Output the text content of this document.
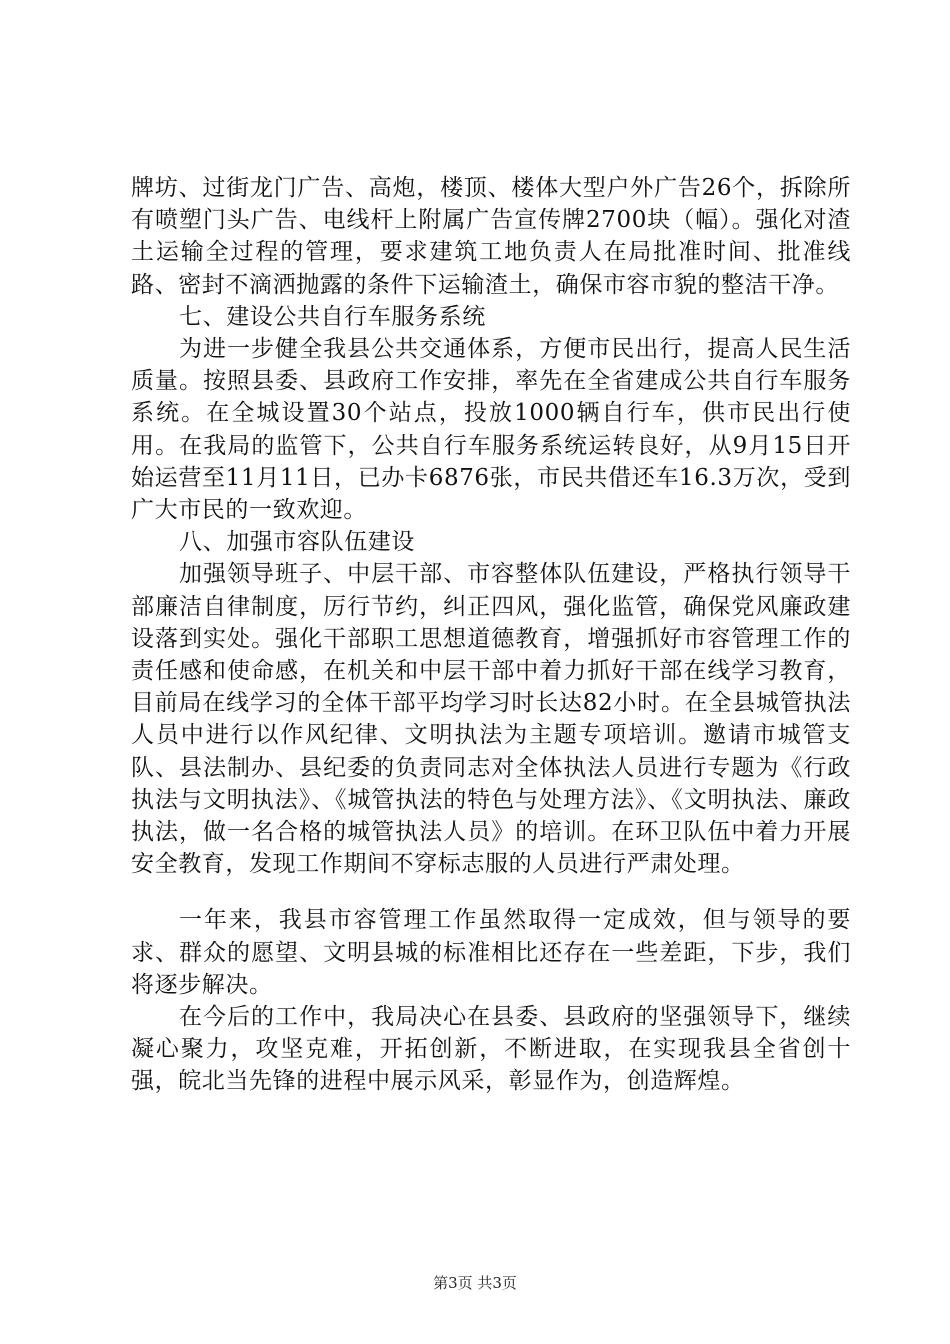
牌坊、过街龙门广告、高炮，楼顶、楼体大型户外广告26个，拆除所有喷塑门头广告、电线杆上附属广告宣传牌2700块（幅）。强化对渣土运输全过程的管理，要求建筑工地负责人在局批准时间、批准线路、密封不滴洒抛露的条件下运输渣土，确保市容市貌的整洁干净。

七、建设公共自行车服务系统

为进一步健全我县公共交通体系，方便市民出行，提高人民生活质量。按照县委、县政府工作安排，率先在全省建成公共自行车服务系统。在全城设置30个站点，投放1000辆自行车，供市民出行使用。在我局的监管下，公共自行车服务系统运转良好，从9月15日开始运营至11月11日，已办卡6876张，市民共借还车16.3万次，受到广大市民的一致欢迎。

八、加强市容队伍建设

加强领导班子、中层干部、市容整体队伍建设，严格执行领导干部廉洁自律制度，厉行节约，纠正四风，强化监管，确保党风廉政建设落到实处。强化干部职工思想道德教育，增强抓好市容管理工作的责任感和使命感，在机关和中层干部中着力抓好干部在线学习教育，目前局在线学习的全体干部平均学习时长达82小时。在全县城管执法人员中进行以作风纪律、文明执法为主题专项培训。邀请市城管支队、县法制办、县纪委的负责同志对全体执法人员进行专题为《行政执法与文明执法》、《城管执法的特色与处理方法》、《文明执法、廉政执法，做一名合格的城管执法人员》的培训。在环卫队伍中着力开展安全教育，发现工作期间不穿标志服的人员进行严肃处理。

一年来，我县市容管理工作虽然取得一定成效，但与领导的要求、群众的愿望、文明县城的标准相比还存在一些差距，下步，我们将逐步解决。

在今后的工作中，我局决心在县委、县政府的坚强领导下，继续凝心聚力，攻坚克难，开拓创新，不断进取，在实现我县全省创十强，皖北当先锋的进程中展示风采，彰显作为，创造辉煌。

第3页 共3页
